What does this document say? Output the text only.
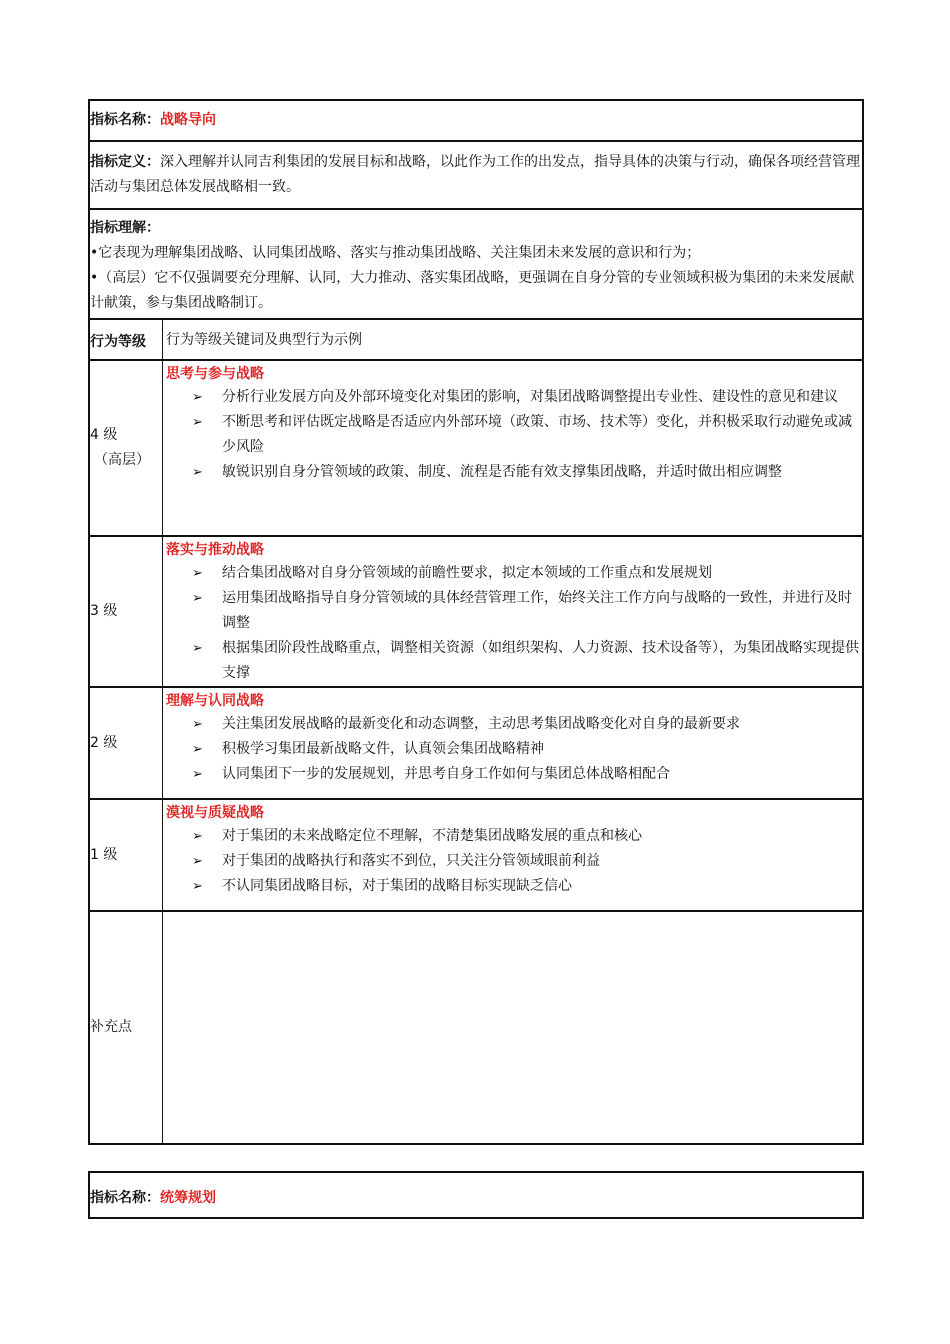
指标名称：战略导向
指标定义：深入理解并认同吉利集团的发展目标和战略，以此作为工作的出发点，指导具体的决策与行动，确保各项经营管理活动与集团总体发展战略相一致。
指标理解：
•它表现为理解集团战略、认同集团战略、落实与推动集团战略、关注集团未来发展的意识和行为；
•（高层）它不仅强调要充分理解、认同，大力推动、落实集团战略，更强调在自身分管的专业领域积极为集团的未来发展献计献策，参与集团战略制订。
行为等级 行为等级关键词及典型行为示例
4 级
（高层）
思考与参与战略
➢ 分析行业发展方向及外部环境变化对集团的影响，对集团战略调整提出专业性、建设性的意见和建议
➢ 不断思考和评估既定战略是否适应内外部环境（政策、市场、技术等）变化，并积极采取行动避免或减少风险
➢ 敏锐识别自身分管领域的政策、制度、流程是否能有效支撑集团战略，并适时做出相应调整
3 级
落实与推动战略
➢ 结合集团战略对自身分管领域的前瞻性要求，拟定本领域的工作重点和发展规划
➢ 运用集团战略指导自身分管领域的具体经营管理工作，始终关注工作方向与战略的一致性，并进行及时调整
➢ 根据集团阶段性战略重点，调整相关资源（如组织架构、人力资源、技术设备等），为集团战略实现提供支撑
2 级
理解与认同战略
➢ 关注集团发展战略的最新变化和动态调整，主动思考集团战略变化对自身的最新要求
➢ 积极学习集团最新战略文件，认真领会集团战略精神
➢ 认同集团下一步的发展规划，并思考自身工作如何与集团总体战略相配合
1 级
漠视与质疑战略
➢ 对于集团的未来战略定位不理解，不清楚集团战略发展的重点和核心
➢ 对于集团的战略执行和落实不到位，只关注分管领域眼前利益
➢ 不认同集团战略目标，对于集团的战略目标实现缺乏信心
补充点
指标名称：统筹规划
